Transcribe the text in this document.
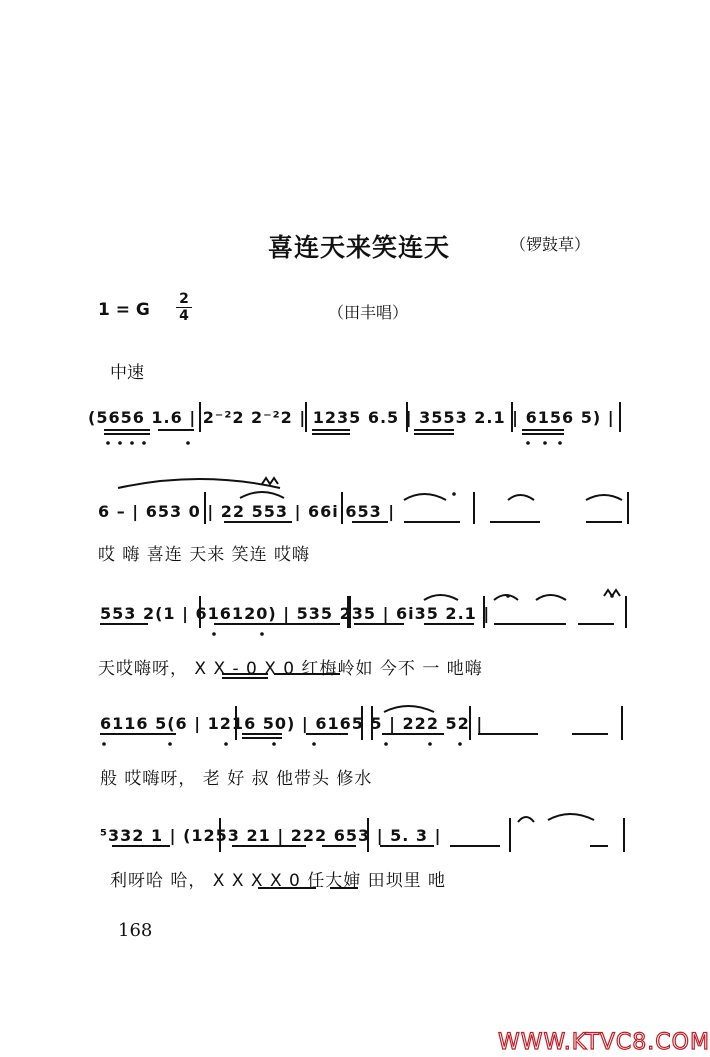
喜连天来笑连天	（锣鼓草）
1 = G
2
4	（田丰唱）
中速
(5656 1.6 | 2⁻²2 2⁻²2 | 1235 6.5 | 3553 2.1 | 6156 5) |
6 – | 653 0 | 22 553 | 66i 653 |
哎 嗨 喜连 天来 笑连 哎嗨
553 2(1 | 616120) | 535 235 | 6i35 2.1 |
天哎嗨呀， X X - 0 X 0 红梅岭如 今不 一 吔嗨
6116 5(6 | 1216 50) | 6165 5 | 222 52 |
般 哎嗨呀， 老 好 叔 他带头 修水
⁵332 1 | (1253 21 | 222 653 | 5. 3 |
利呀哈 哈， X X X X 0 任大婶 田坝里 吔
168
WWW.KTVC8.COM
